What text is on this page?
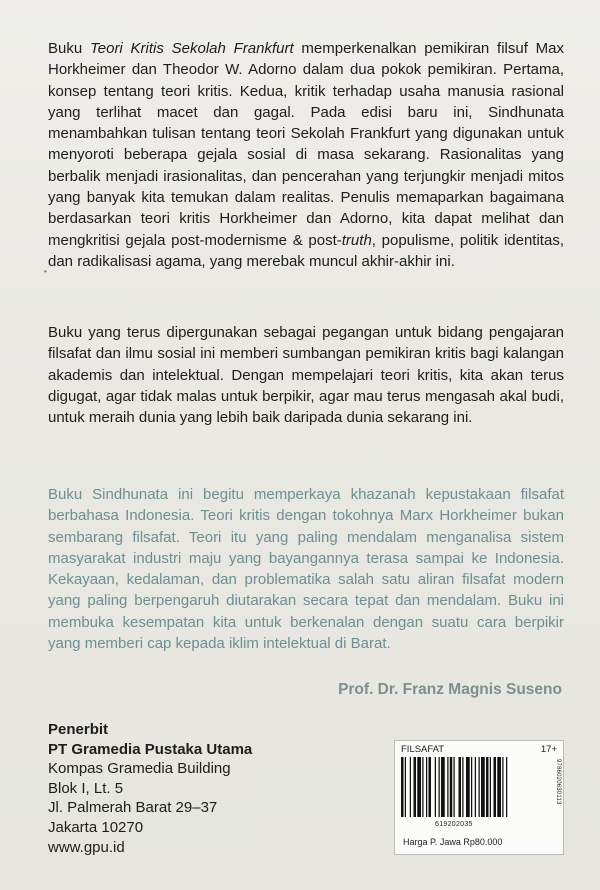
Buku Teori Kritis Sekolah Frankfurt memperkenalkan pemikiran filsuf Max Horkheimer dan Theodor W. Adorno dalam dua pokok pemikiran. Pertama, konsep tentang teori kritis. Kedua, kritik terhadap usaha manusia rasional yang terlihat macet dan gagal. Pada edisi baru ini, Sindhunata menambahkan tulisan tentang teori Sekolah Frankfurt yang digunakan untuk menyoroti beberapa gejala sosial di masa sekarang. Rasionalitas yang berbalik menjadi irasionalitas, dan pencerahan yang terjungkir menjadi mitos yang banyak kita temukan dalam realitas. Penulis memaparkan bagaimana berdasarkan teori kritis Horkheimer dan Adorno, kita dapat melihat dan mengkritisi gejala post-modernisme & post-truth, populisme, politik identitas, dan radikalisasi agama, yang merebak muncul akhir-akhir ini.

•

Buku yang terus dipergunakan sebagai pegangan untuk bidang pengajaran filsafat dan ilmu sosial ini memberi sumbangan pemikiran kritis bagi kalangan akademis dan intelektual. Dengan mempelajari teori kritis, kita akan terus digugat, agar tidak malas untuk berpikir, agar mau terus mengasah akal budi, untuk meraih dunia yang lebih baik daripada dunia sekarang ini.

Buku Sindhunata ini begitu memperkaya khazanah kepustakaan filsafat berbahasa Indonesia. Teori kritis dengan tokohnya Marx Horkheimer bukan sembarang filsafat. Teori itu yang paling mendalam menganalisa sistem masyarakat industri maju yang bayangannya terasa sampai ke Indonesia. Kekayaan, kedalaman, dan problematika salah satu aliran filsafat modern yang paling berpengaruh diutarakan secara tepat dan mendalam. Buku ini membuka kesempatan kita untuk berkenalan dengan suatu cara berpikir yang memberi cap kepada iklim intelektual di Barat.

Prof. Dr. Franz Magnis Suseno
Penerbit
PT Gramedia Pustaka Utama
Kompas Gramedia Building
Blok I, Lt. 5
Jl. Palmerah Barat 29–37
Jakarta 10270
www.gpu.id
FILSAFAT	17+
619202035
9786020630113
Harga P. Jawa Rp80.000
